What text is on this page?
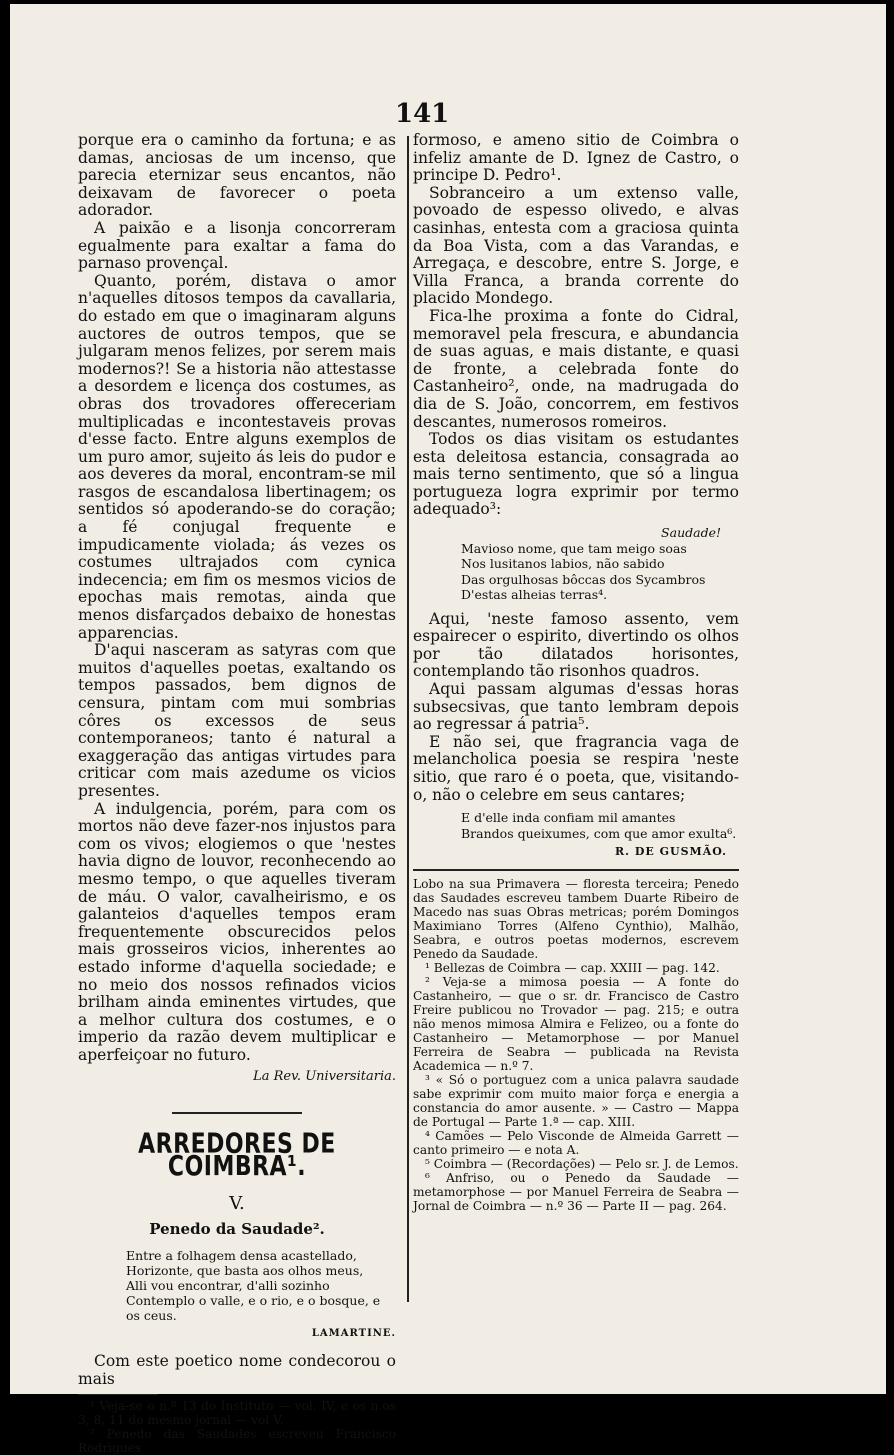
141

porque era o caminho da fortuna; e as damas, anciosas de um incenso, que parecia eternizar seus encantos, não deixavam de favorecer o poeta adorador.

A paixão e a lisonja concorreram egualmente para exaltar a fama do parnaso provençal.

Quanto, porém, distava o amor n'aquelles ditosos tempos da cavallaria, do estado em que o imaginaram alguns auctores de outros tempos, que se julgaram menos felizes, por serem mais modernos?! Se a historia não attestasse a desordem e licença dos costumes, as obras dos trovadores offereceriam multiplicadas e incontestaveis provas d'esse facto. Entre alguns exemplos de um puro amor, sujeito ás leis do pudor e aos deveres da moral, encontram-se mil rasgos de escandalosa libertinagem; os sentidos só apoderando-se do coração; a fé conjugal frequente e impudicamente violada; ás vezes os costumes ultrajados com cynica indecencia; em fim os mesmos vicios de epochas mais remotas, ainda que menos disfarçados debaixo de honestas apparencias.

D'aqui nasceram as satyras com que muitos d'aquelles poetas, exaltando os tempos passados, bem dignos de censura, pintam com mui sombrias côres os excessos de seus contemporaneos; tanto é natural a exaggeração das antigas virtudes para criticar com mais azedume os vicios presentes.

A indulgencia, porém, para com os mortos não deve fazer-nos injustos para com os vivos; elogiemos o que 'nestes havia digno de louvor, reconhecendo ao mesmo tempo, o que aquelles tiveram de máu. O valor, cavalheirismo, e os galanteios d'aquelles tempos eram frequentemente obscurecidos pelos mais grosseiros vicios, inherentes ao estado informe d'aquella sociedade; e no meio dos nossos refinados vicios brilham ainda eminentes virtudes, que a melhor cultura dos costumes, e o imperio da razão devem multiplicar e aperfeiçoar no futuro.

La Rev. Universitaria.

ARREDORES DE COIMBRA¹.

V.

Penedo da Saudade².

Entre a folhagem densa acastellado,

Horizonte, que basta aos olhos meus,

Alli vou encontrar, d'alli sozinho

Contemplo o valle, e o rio, e o bosque, e os ceus.

LAMARTINE.

Com este poetico nome condecorou o mais

¹ Veja-se o n.º 13 do Instituto — vol. IV, e os n.os 3, 8, 11 do mesmo jornal — vol V.

² Penedo das Saudades escreveu Francisco Rodrigues

formoso, e ameno sitio de Coimbra o infeliz amante de D. Ignez de Castro, o principe D. Pedro¹.

Sobranceiro a um extenso valle, povoado de espesso olivedo, e alvas casinhas, entesta com a graciosa quinta da Boa Vista, com a das Varandas, e Arregaça, e descobre, entre S. Jorge, e Villa Franca, a branda corrente do placido Mondego.

Fica-lhe proxima a fonte do Cidral, memoravel pela frescura, e abundancia de suas aguas, e mais distante, e quasi de fronte, a celebrada fonte do Castanheiro², onde, na madrugada do dia de S. João, concorrem, em festivos descantes, numerosos romeiros.

Todos os dias visitam os estudantes esta deleitosa estancia, consagrada ao mais terno sentimento, que só a lingua portugueza logra exprimir por termo adequado³:

Saudade!

Mavioso nome, que tam meigo soas

Nos lusitanos labios, não sabido

Das orgulhosas bôccas dos Sycambros

D'estas alheias terras⁴.

Aqui, 'neste famoso assento, vem espairecer o espirito, divertindo os olhos por tão dilatados horisontes, contemplando tão risonhos quadros.

Aqui passam algumas d'essas horas subsecsivas, que tanto lembram depois ao regressar á patria⁵.

E não sei, que fragrancia vaga de melancholica poesia se respira 'neste sitio, que raro é o poeta, que, visitando-o, não o celebre em seus cantares;

E d'elle inda confiam mil amantes

Brandos queixumes, com que amor exulta⁶.

R. DE GUSMÃO.

Lobo na sua Primavera — floresta terceira; Penedo das Saudades escreveu tambem Duarte Ribeiro de Macedo nas suas Obras metricas; porém Domingos Maximiano Torres (Alfeno Cynthio), Malhão, Seabra, e outros poetas modernos, escrevem Penedo da Saudade.

¹ Bellezas de Coimbra — cap. XXIII — pag. 142.

² Veja-se a mimosa poesia — A fonte do Castanheiro, — que o sr. dr. Francisco de Castro Freire publicou no Trovador — pag. 215; e outra não menos mimosa Almira e Felizeo, ou a fonte do Castanheiro — Metamorphose — por Manuel Ferreira de Seabra — publicada na Revista Academica — n.º 7.

³ « Só o portuguez com a unica palavra saudade sabe exprimir com muito maior força e energia a constancia do amor ausente. » — Castro — Mappa de Portugal — Parte 1.ª — cap. XIII.

⁴ Camões — Pelo Visconde de Almeida Garrett — canto primeiro — e nota A.

⁵ Coimbra — (Recordações) — Pelo sr. J. de Lemos.

⁶ Anfriso, ou o Penedo da Saudade — metamorphose — por Manuel Ferreira de Seabra — Jornal de Coimbra — n.º 36 — Parte II — pag. 264.
